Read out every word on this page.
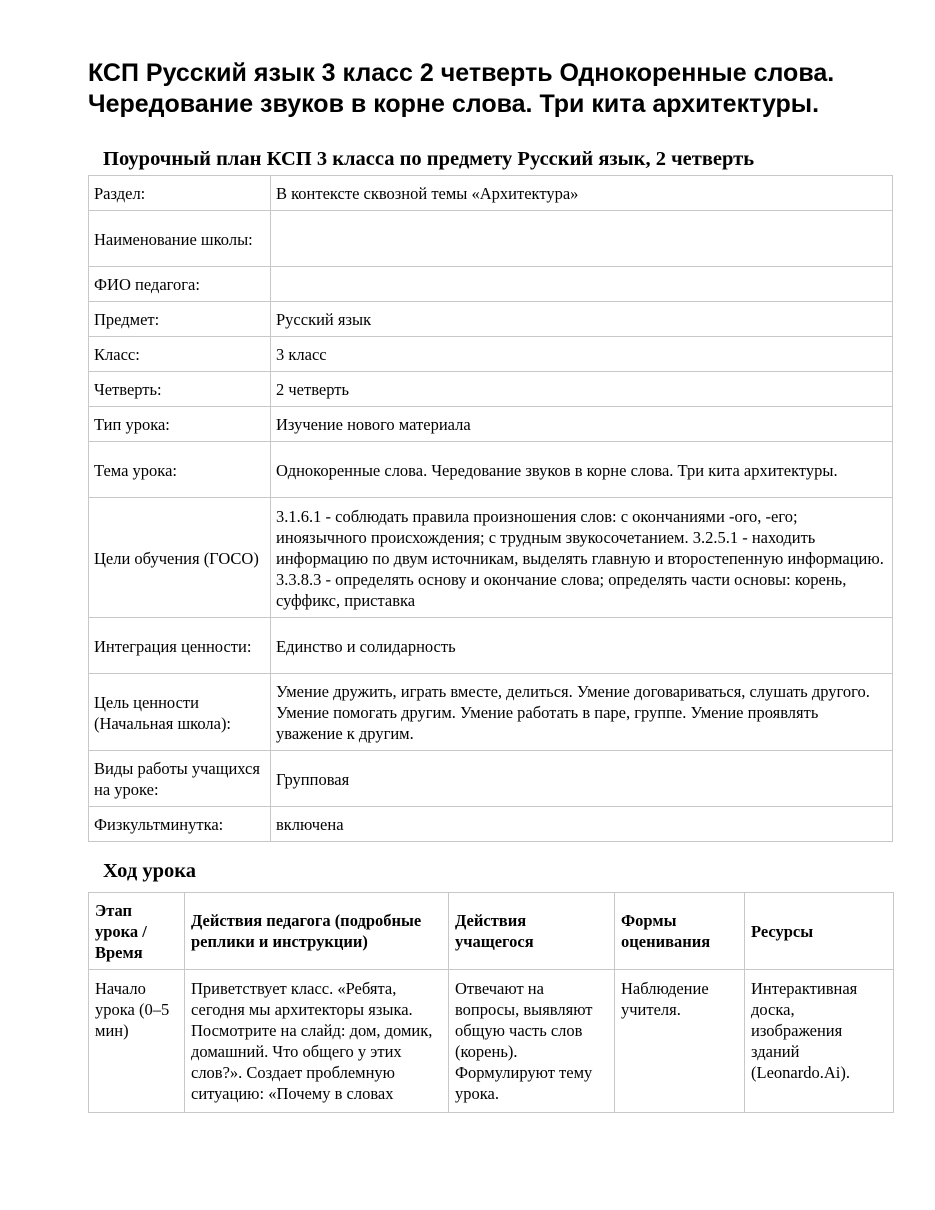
КСП Русский язык 3 класс 2 четверть Однокоренные слова. Чередование звуков в корне слова. Три кита архитектуры.
Поурочный план КСП 3 класса по предмету Русский язык, 2 четверть
Раздел:	В контексте сквозной темы «Архитектура»
Наименование школы:	
ФИО педагога:	
Предмет:	Русский язык
Класс:	3 класс
Четверть:	2 четверть
Тип урока:	Изучение нового материала
Тема урока:	Однокоренные слова. Чередование звуков в корне слова. Три кита архитектуры.
Цели обучения (ГОСО)	3.1.6.1 - соблюдать правила произношения слов: с окончаниями -ого, -его; иноязычного происхождения; с трудным звукосочетанием. 3.2.5.1 - находить информацию по двум источникам, выделять главную и второстепенную информацию. 3.3.8.3 - определять основу и окончание слова; определять части основы: корень, суффикс, приставка
Интеграция ценности:	Единство и солидарность
Цель ценности (Начальная школа):	Умение дружить, играть вместе, делиться. Умение договариваться, слушать другого. Умение помогать другим. Умение работать в паре, группе. Умение проявлять уважение к другим.
Виды работы учащихся на уроке:	Групповая
Физкультминутка:	включена
Ход урока
Этап урока / Время	Действия педагога (подробные реплики и инструкции)	Действия учащегося	Формы оценивания	Ресурсы
Начало урока (0–5 мин)	Приветствует класс. «Ребята, сегодня мы архитекторы языка. Посмотрите на слайд: дом, домик, домашний. Что общего у этих слов?». Создает проблемную ситуацию: «Почему в словах	Отвечают на вопросы, выявляют общую часть слов (корень). Формулируют тему урока.	Наблюдение учителя.	Интерактивная доска, изображения зданий (Leonardo.Ai).
